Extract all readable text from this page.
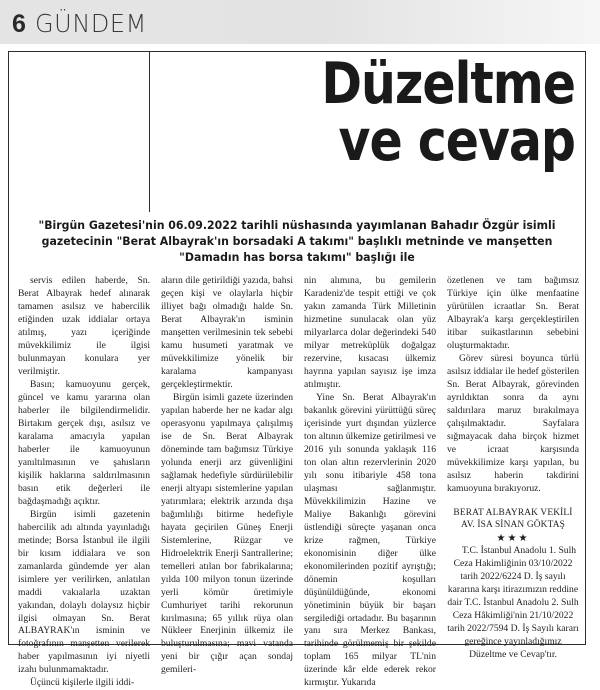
6 GÜNDEM
Düzeltme
ve cevap
"Birgün Gazetesi'nin 06.09.2022 tarihli nüshasında yayımlanan Bahadır Özgür isimli gazetecinin "Berat Albayrak'ın borsadaki A takımı" başlıklı metninde ve manşetten "Damadın has borsa takımı" başlığı ile

servis edilen haberde, Sn. Berat Albayrak hedef alınarak tamamen asılsız ve habercilik etiğinden uzak iddialar ortaya atılmış, yazı içeriğinde müvekkilimiz ile ilgisi bulunmayan konulara yer verilmiştir.

Basın; kamuoyunu gerçek, güncel ve kamu yararına olan haberler ile bilgilendirmelidir. Birtakım gerçek dışı, asılsız ve karalama amacıyla yapılan haberler ile kamuoyunun yanıltılmasının ve şahısların kişilik haklarına saldırılmasının basın etik değerleri ile bağdaşmadığı açıktır.

Birgün isimli gazetenin habercilik adı altında yayınladığı metinde; Borsa İstanbul ile ilgili bir kısım iddialara ve son zamanlarda gündemde yer alan isimlere yer verilirken, anlatılan maddi vakıalarla uzaktan yakından, dolaylı dolaysız hiçbir ilgisi olmayan Sn. Berat ALBAYRAK'ın isminin ve fotoğrafının manşetten verilerek haber yapılmasının iyi niyetli izahı bulunmamaktadır.

Üçüncü kişilerle ilgili iddi-

aların dile getirildiği yazıda, bahsi geçen kişi ve olaylarla hiçbir illiyet bağı olmadığı halde Sn. Berat Albayrak'ın isminin manşetten verilmesinin tek sebebi kamu husumeti yaratmak ve müvekkilimize yönelik bir karalama kampanyası gerçekleştirmektir.

Birgün isimli gazete üzerinden yapılan haberde her ne kadar algı operasyonu yapılmaya çalışılmış ise de Sn. Berat Albayrak döneminde tam bağımsız Türkiye yolunda enerji arz güvenliğini sağlamak hedefiyle sürdürülebilir enerji altyapı sistemlerine yapılan yatırımlara; elektrik arzında dışa bağımlılığı bitirme hedefiyle hayata geçirilen Güneş Enerji Sistemlerine, Rüzgar ve Hidroelektrik Enerji Santrallerine; temelleri atılan bor fabrikalarına; yılda 100 milyon tonun üzerinde yerli kömür üretimiyle Cumhuriyet tarihi rekorunun kırılmasına; 65 yıllık rüya olan Nükleer Enerjinin ülkemiz ile buluşturulmasına; mavi vatanda yeni bir çığır açan sondaj gemileri-

nin alımına, bu gemilerin Karadeniz'de tespit ettiği ve çok yakın zamanda Türk Milletinin hizmetine sunulacak olan yüz milyarlarca dolar değerindeki 540 milyar metreküplük doğalgaz rezervine, kısacası ülkemiz hayrına yapılan sayısız işe imza atılmıştır.

Yine Sn. Berat Albayrak'ın bakanlık görevini yürüttüğü süreç içerisinde yurt dışından yüzlerce ton altının ülkemize getirilmesi ve 2016 yılı sonunda yaklaşık 116 ton olan altın rezervlerinin 2020 yılı sonu itibariyle 458 tona ulaşması sağlanmıştır. Müvekkilimizin Hazine ve Maliye Bakanlığı görevini üstlendiği süreçte yaşanan onca krize rağmen, Türkiye ekonomisinin diğer ülke ekonomilerinden pozitif ayrıştığı; dönemin koşulları düşünüldüğünde, ekonomi yönetiminin büyük bir başarı sergilediği ortadadır. Bu başarının yanı sıra Merkez Bankası, tarihinde görülmemiş bir şekilde toplam 165 milyar TL'nin üzerinde kâr elde ederek rekor kırmıştır. Yukarıda

özetlenen ve tam bağımsız Türkiye için ülke menfaatine yürütülen icraatlar Sn. Berat Albayrak'a karşı gerçekleştirilen itibar suikastlarının sebebini oluşturmaktadır.

Görev süresi boyunca türlü asılsız iddialar ile hedef gösterilen Sn. Berat Albayrak, görevinden ayrıldıktan sonra da aynı saldırılara maruz bırakılmaya çalışılmaktadır. Sayfalara sığmayacak daha birçok hizmet ve icraat karşısında müvekkilimize karşı yapılan, bu asılsız haberin takdirini kamuoyuna bırakıyoruz.

BERAT ALBAYRAK VEKİLİ
AV. İSA SİNAN GÖKTAŞ
★★★

T.C. İstanbul Anadolu 1. Sulh Ceza Hakimliğinin 03/10/2022 tarih 2022/6224 D. İş sayılı kararına karşı itirazımızın reddine dair T.C. İstanbul Anadolu 2. Sulh Ceza Hâkimliği'nin 21/10/2022 tarih 2022/7594 D. İş Sayılı kararı gereğince yayınladığımız Düzeltme ve Cevap'tır.
